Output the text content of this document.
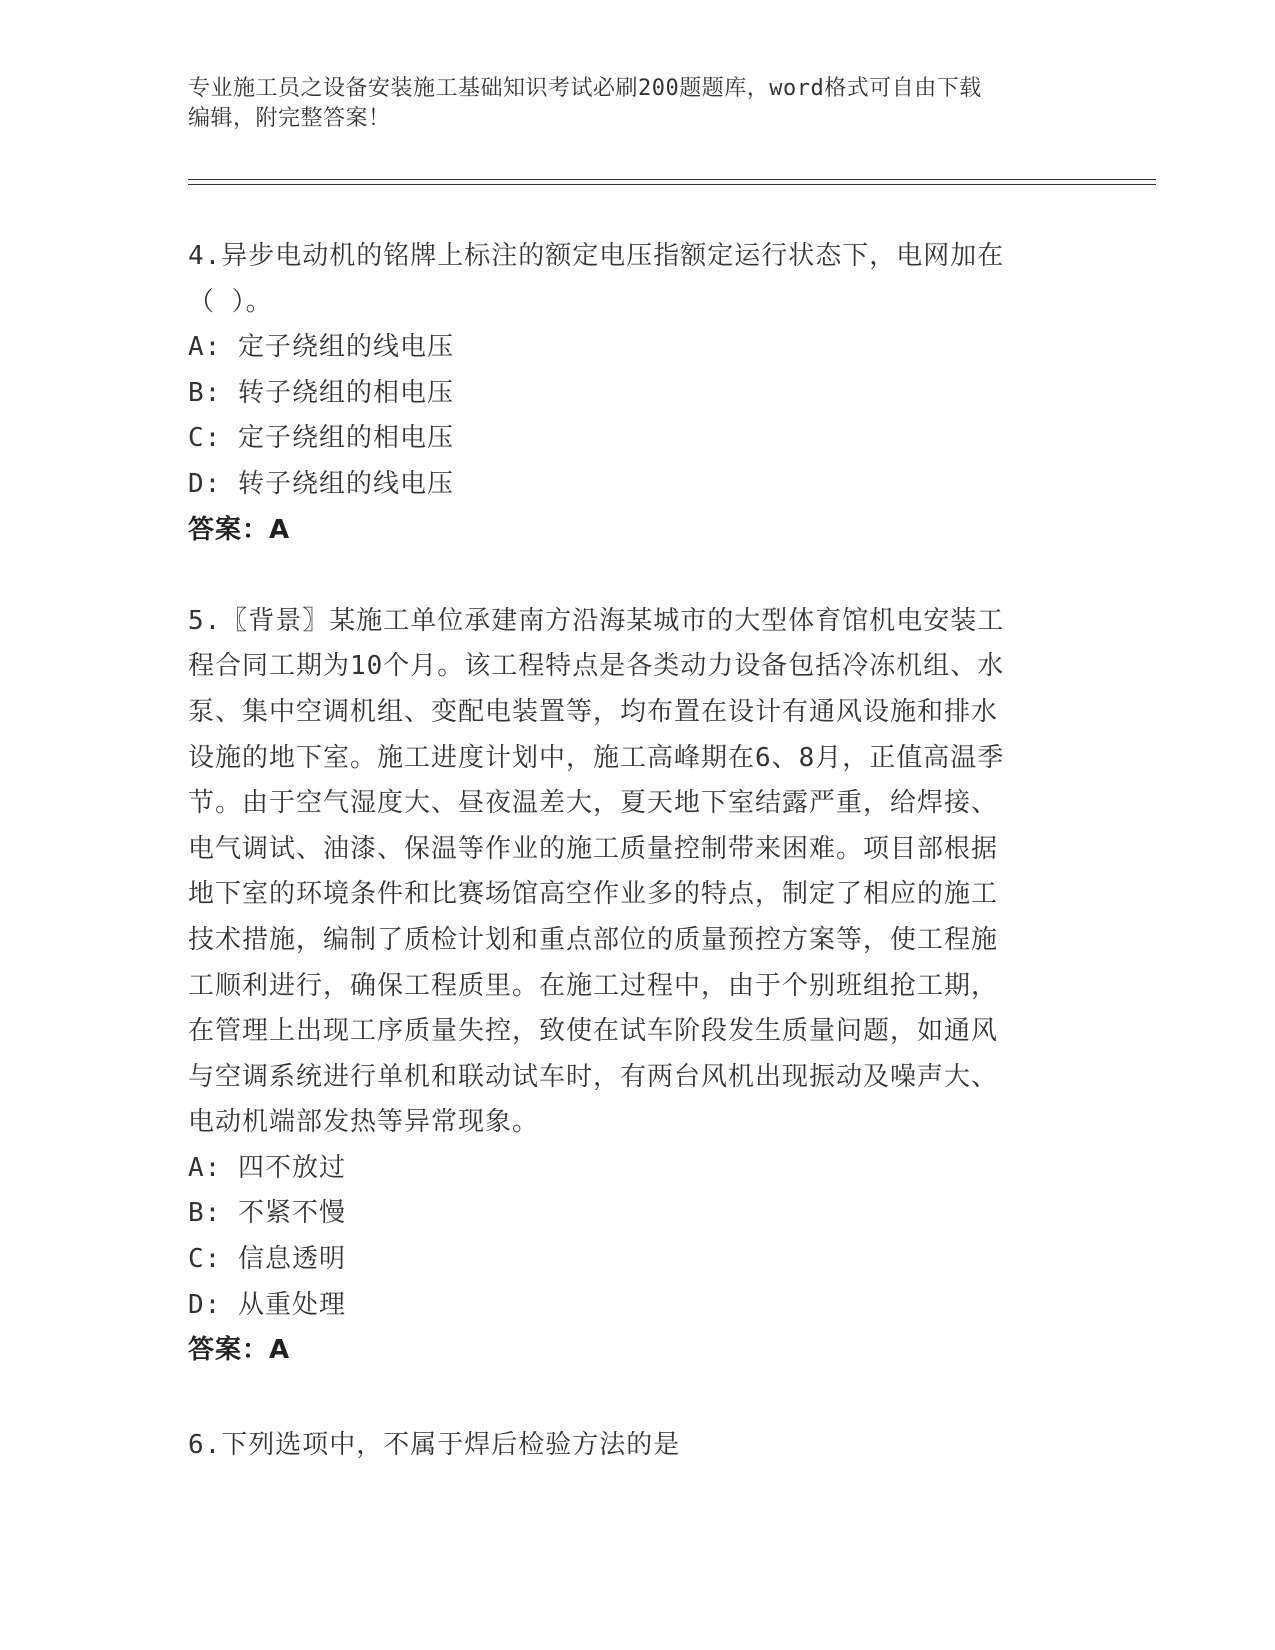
专业施工员之设备安装施工基础知识考试必刷200题题库，word格式可自由下载
编辑，附完整答案！

4.异步电动机的铭牌上标注的额定电压指额定运行状态下，电网加在

（ ）。

A: 定子绕组的线电压

B: 转子绕组的相电压

C: 定子绕组的相电压

D: 转子绕组的线电压

答案：A

5.〖背景〗某施工单位承建南方沿海某城市的大型体育馆机电安装工

程合同工期为10个月。该工程特点是各类动力设备包括冷冻机组、水

泵、集中空调机组、变配电装置等，均布置在设计有通风设施和排水

设施的地下室。施工进度计划中，施工高峰期在6、8月，正值高温季

节。由于空气湿度大、昼夜温差大，夏天地下室结露严重，给焊接、

电气调试、油漆、保温等作业的施工质量控制带来困难。项目部根据

地下室的环境条件和比赛场馆高空作业多的特点，制定了相应的施工

技术措施，编制了质检计划和重点部位的质量预控方案等，使工程施

工顺利进行，确保工程质里。在施工过程中，由于个别班组抢工期，

在管理上出现工序质量失控，致使在试车阶段发生质量问题，如通风

与空调系统进行单机和联动试车时，有两台风机出现振动及噪声大、

电动机端部发热等异常现象。

A: 四不放过

B: 不紧不慢

C: 信息透明

D: 从重处理

答案：A

6.下列选项中，不属于焊后检验方法的是
